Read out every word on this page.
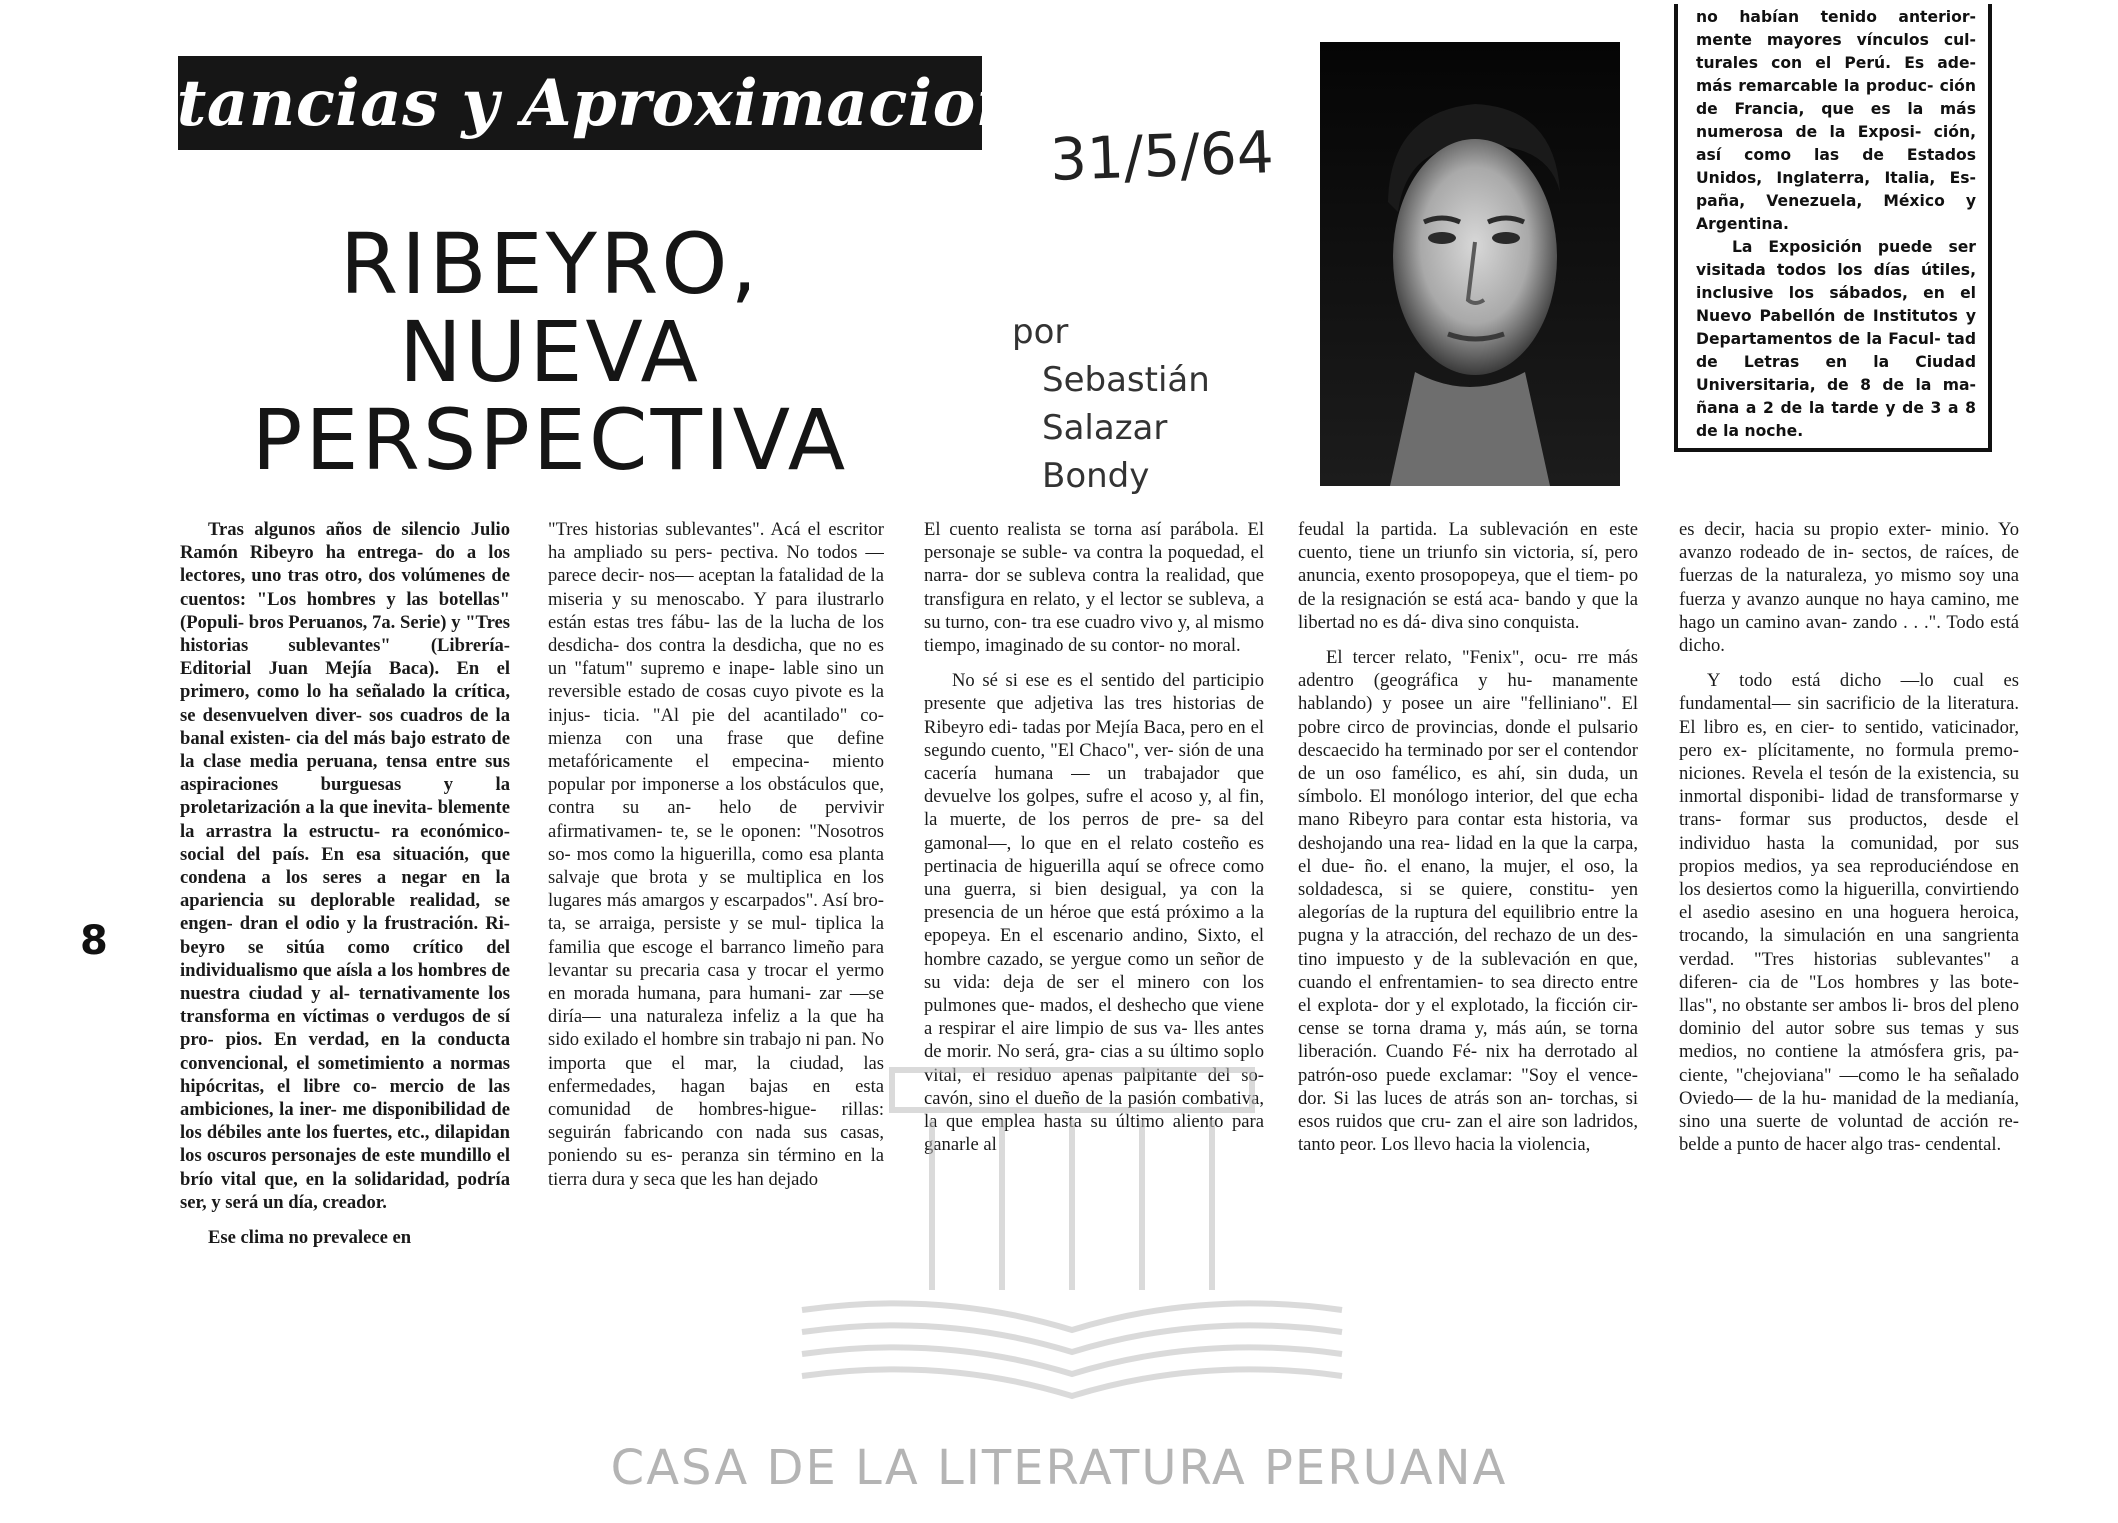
Distancias y Aproximaciones
31/5/64
RIBEYRO,
NUEVA
PERSPECTIVA
por
Sebastián
Salazar
Bondy

no habían tenido anterior- mente mayores vínculos cul- turales con el Perú. Es ade- más remarcable la produc- ción de Francia, que es la más numerosa de la Exposi- ción, así como las de Estados Unidos, Inglaterra, Italia, Es- paña, Venezuela, México y Argentina.

La Exposición puede ser visitada todos los días útiles, inclusive los sábados, en el Nuevo Pabellón de Institutos y Departamentos de la Facul- tad de Letras en la Ciudad Universitaria, de 8 de la ma- ñana a 2 de la tarde y de 3 a 8 de la noche.

8

Tras algunos años de silencio Julio Ramón Ribeyro ha entrega- do a los lectores, uno tras otro, dos volúmenes de cuentos: "Los hombres y las botellas" (Populi- bros Peruanos, 7a. Serie) y "Tres historias sublevantes" (Librería- Editorial Juan Mejía Baca). En el primero, como lo ha señalado la crítica, se desenvuelven diver- sos cuadros de la banal existen- cia del más bajo estrato de la clase media peruana, tensa entre sus aspiraciones burguesas y la proletarización a la que inevita- blemente la arrastra la estructu- ra económico-social del país. En esa situación, que condena a los seres a negar en la apariencia su deplorable realidad, se engen- dran el odio y la frustración. Ri- beyro se sitúa como crítico del individualismo que aísla a los hombres de nuestra ciudad y al- ternativamente los transforma en víctimas o verdugos de sí pro- pios. En verdad, en la conducta convencional, el sometimiento a normas hipócritas, el libre co- mercio de las ambiciones, la iner- me disponibilidad de los débiles ante los fuertes, etc., dilapidan los oscuros personajes de este mundillo el brío vital que, en la solidaridad, podría ser, y será un día, creador.

Ese clima no prevalece en

"Tres historias sublevantes". Acá el escritor ha ampliado su pers- pectiva. No todos —parece decir- nos— aceptan la fatalidad de la miseria y su menoscabo. Y para ilustrarlo están estas tres fábu- las de la lucha de los desdicha- dos contra la desdicha, que no es un "fatum" supremo e inape- lable sino un reversible estado de cosas cuyo pivote es la injus- ticia. "Al pie del acantilado" co- mienza con una frase que define metafóricamente el empecina- miento popular por imponerse a los obstáculos que, contra su an- helo de pervivir afirmativamen- te, se le oponen: "Nosotros so- mos como la higuerilla, como esa planta salvaje que brota y se multiplica en los lugares más amargos y escarpados". Así bro- ta, se arraiga, persiste y se mul- tiplica la familia que escoge el barranco limeño para levantar su precaria casa y trocar el yermo en morada humana, para humani- zar —se diría— una naturaleza infeliz a la que ha sido exilado el hombre sin trabajo ni pan. No importa que el mar, la ciudad, las enfermedades, hagan bajas en esta comunidad de hombres-higue- rillas: seguirán fabricando con nada sus casas, poniendo su es- peranza sin término en la tierra dura y seca que les han dejado

El cuento realista se torna así parábola. El personaje se suble- va contra la poquedad, el narra- dor se subleva contra la realidad, que transfigura en relato, y el lector se subleva, a su turno, con- tra ese cuadro vivo y, al mismo tiempo, imaginado de su contor- no moral.

No sé si ese es el sentido del participio presente que adjetiva las tres historias de Ribeyro edi- tadas por Mejía Baca, pero en el segundo cuento, "El Chaco", ver- sión de una cacería humana — un trabajador que devuelve los golpes, sufre el acoso y, al fin, la muerte, de los perros de pre- sa del gamonal—, lo que en el relato costeño es pertinacia de higuerilla aquí se ofrece como una guerra, si bien desigual, ya con la presencia de un héroe que está próximo a la epopeya. En el escenario andino, Sixto, el hombre cazado, se yergue como un señor de su vida: deja de ser el minero con los pulmones que- mados, el deshecho que viene a respirar el aire limpio de sus va- lles antes de morir. No será, gra- cias a su último soplo vital, el residuo apenas palpitante del so- cavón, sino el dueño de la pasión combativa, la que emplea hasta su último aliento para ganarle al

feudal la partida. La sublevación en este cuento, tiene un triunfo sin victoria, sí, pero anuncia, exento prosopopeya, que el tiem- po de la resignación se está aca- bando y que la libertad no es dá- diva sino conquista.

El tercer relato, "Fenix", ocu- rre más adentro (geográfica y hu- manamente hablando) y posee un aire "felliniano". El pobre circo de provincias, donde el pulsario descaecido ha terminado por ser el contendor de un oso famélico, es ahí, sin duda, un símbolo. El monólogo interior, del que echa mano Ribeyro para contar esta historia, va deshojando una rea- lidad en la que la carpa, el due- ño. el enano, la mujer, el oso, la soldadesca, si se quiere, constitu- yen alegorías de la ruptura del equilibrio entre la pugna y la atracción, del rechazo de un des- tino impuesto y de la sublevación en que, cuando el enfrentamien- to sea directo entre el explota- dor y el explotado, la ficción cir- cense se torna drama y, más aún, se torna liberación. Cuando Fé- nix ha derrotado al patrón-oso puede exclamar: "Soy el vence- dor. Si las luces de atrás son an- torchas, si esos ruidos que cru- zan el aire son ladridos, tanto peor. Los llevo hacia la violencia,

es decir, hacia su propio exter- minio. Yo avanzo rodeado de in- sectos, de raíces, de fuerzas de la naturaleza, yo mismo soy una fuerza y avanzo aunque no haya camino, me hago un camino avan- zando . . .". Todo está dicho.

Y todo está dicho —lo cual es fundamental— sin sacrificio de la literatura. El libro es, en cier- to sentido, vaticinador, pero ex- plícitamente, no formula premo- niciones. Revela el tesón de la existencia, su inmortal disponibi- lidad de transformarse y trans- formar sus productos, desde el individuo hasta la comunidad, por sus propios medios, ya sea reproduciéndose en los desiertos como la higuerilla, convirtiendo el asedio asesino en una hoguera heroica, trocando, la simulación en una sangrienta verdad. "Tres historias sublevantes" a diferen- cia de "Los hombres y las bote- llas", no obstante ser ambos li- bros del pleno dominio del autor sobre sus temas y sus medios, no contiene la atmósfera gris, pa- ciente, "chejoviana" —como le ha señalado Oviedo— de la hu- manidad de la medianía, sino una suerte de voluntad de acción re- belde a punto de hacer algo tras- cendental.

CASA DE LA LITERATURA PERUANA
